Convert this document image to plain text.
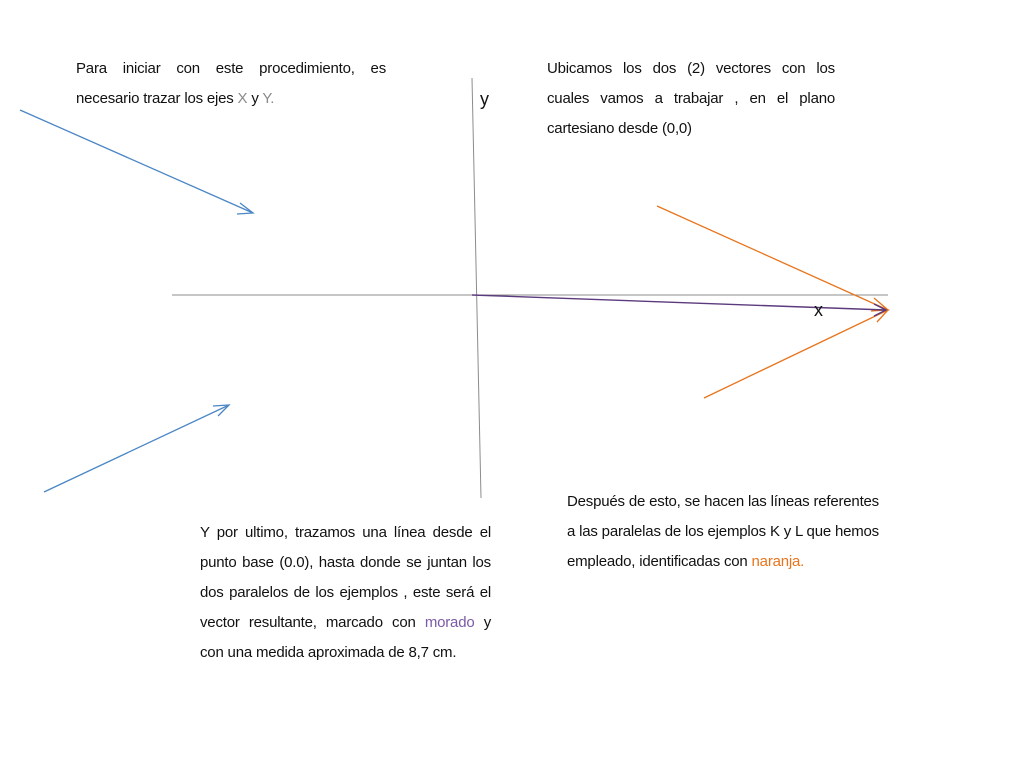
y
x
Para iniciar con este procedimiento, es necesario trazar los ejes X y Y.
Ubicamos los dos (2) vectores con los cuales vamos a trabajar , en el plano cartesiano desde (0,0)
Después de esto, se hacen las líneas referentes a las paralelas de los ejemplos K y L que hemos empleado, identificadas con naranja.
Y por ultimo, trazamos una línea desde el punto base (0.0), hasta donde se juntan los dos paralelos de los ejemplos , este será el vector resultante, marcado con morado y con una medida aproximada de 8,7 cm.
